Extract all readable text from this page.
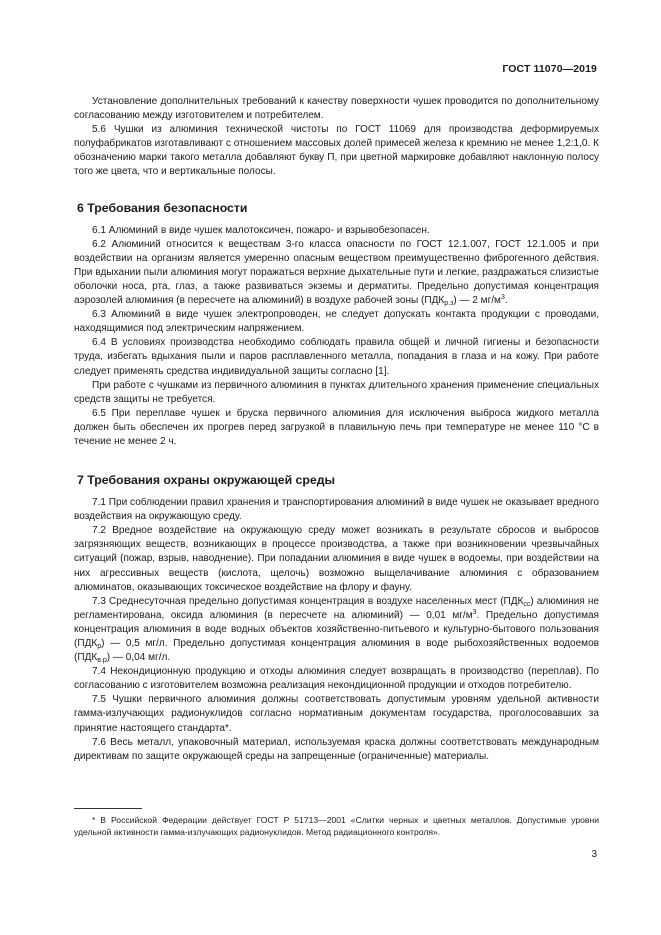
ГОСТ 11070—2019

Установление дополнительных требований к качеству поверхности чушек проводится по дополнительному согласованию между изготовителем и потребителем.

5.6 Чушки из алюминия технической чистоты по ГОСТ 11069 для производства деформируемых полуфабрикатов изготавливают с отношением массовых долей примесей железа к кремнию не менее 1,2:1,0. К обозначению марки такого металла добавляют букву П, при цветной маркировке добавляют наклонную полосу того же цвета, что и вертикальные полосы.

6 Требования безопасности

6.1 Алюминий в виде чушек малотоксичен, пожаро- и взрывобезопасен.

6.2 Алюминий относится к веществам 3-го класса опасности по ГОСТ 12.1.007, ГОСТ 12.1.005 и при воздействии на организм является умеренно опасным веществом преимущественно фиброгенного действия. При вдыхании пыли алюминия могут поражаться верхние дыхательные пути и легкие, раздражаться слизистые оболочки носа, рта, глаз, а также развиваться экземы и дерматиты. Предельно допустимая концентрация аэрозолей алюминия (в пересчете на алюминий) в воздухе рабочей зоны $(ПДК_{р.з})$ — 2 $мг/м^3$.

6.3 Алюминий в виде чушек электропроводен, не следует допускать контакта продукции с проводами, находящимися под электрическим напряжением.

6.4 В условиях производства необходимо соблюдать правила общей и личной гигиены и безопасности труда, избегать вдыхания пыли и паров расплавленного металла, попадания в глаза и на кожу. При работе следует применять средства индивидуальной защиты согласно [1].

При работе с чушками из первичного алюминия в пунктах длительного хранения применение специальных средств защиты не требуется.

6.5 При переплаве чушек и бруска первичного алюминия для исключения выброса жидкого металла должен быть обеспечен их прогрев перед загрузкой в плавильную печь при температуре не менее 110 °С в течение не менее 2 ч.

7 Требования охраны окружающей среды

7.1 При соблюдении правил хранения и транспортирования алюминий в виде чушек не оказывает вредного воздействия на окружающую среду.

7.2 Вредное воздействие на окружающую среду может возникать в результате сбросов и выбросов загрязняющих веществ, возникающих в процессе производства, а также при возникновении чрезвычайных ситуаций (пожар, взрыв, наводнение). При попадании алюминия в виде чушек в водоемы, при воздействии на них агрессивных веществ (кислота, щелочь) возможно выщелачивание алюминия с образованием алюминатов, оказывающих токсическое воздействие на флору и фауну.

7.3 Среднесуточная предельно допустимая концентрация в воздухе населенных мест $(ПДК_{сс})$ алюминия не регламентирована, оксида алюминия (в пересчете на алюминий) — 0,01 $мг/м^3$. Предельно допустимая концентрация алюминия в воде водных объектов хозяйственно-питьевого и культурно-бытового пользования $(ПДК_р)$ — 0,5 мг/л. Предельно допустимая концентрация алюминия в воде рыбохозяйственных водоемов $(ПДК_{в.р})$ — 0,04 мг/л.

7.4 Некондиционную продукцию и отходы алюминия следует возвращать в производство (переплав). По согласованию с изготовителем возможна реализация некондиционной продукции и отходов потребителю.

7.5 Чушки первичного алюминия должны соответствовать допустимым уровням удельной активности гамма-излучающих радионуклидов согласно нормативным документам государства, проголосовавших за принятие настоящего стандарта*.

7.6 Весь металл, упаковочный материал, используемая краска должны соответствовать международным директивам по защите окружающей среды на запрещенные (ограниченные) материалы.

* В Российской Федерации действует ГОСТ Р 51713—2001 «Слитки черных и цветных металлов. Допустимые уровни удельной активности гамма-излучающих радионуклидов. Метод радиационного контроля».
3
